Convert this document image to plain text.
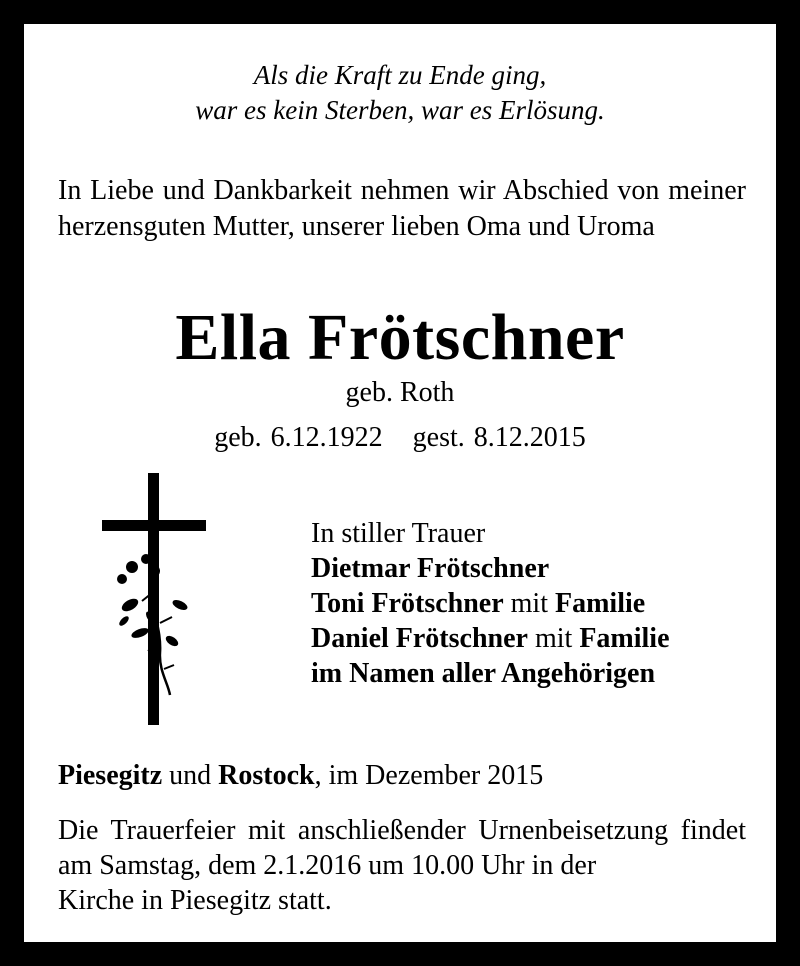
Als die Kraft zu Ende ging,
war es kein Sterben, war es Erlösung.
In Liebe und Dankbarkeit nehmen wir Abschied von meiner herzensguten Mutter, unserer lieben Oma und Uroma
Ella Frötschner
geb. Roth
geb. 6.12.1922 gest. 8.12.2015
In stiller Trauer
Dietmar Frötschner
Toni Frötschner mit Familie
Daniel Frötschner mit Familie
im Namen aller Angehörigen
Piesegitz und Rostock, im Dezember 2015
Die Trauerfeier mit anschließender Urnenbeisetzung findet am Samstag, dem 2.1.2016 um 10.00 Uhr in der
Kirche in Piesegitz statt.
